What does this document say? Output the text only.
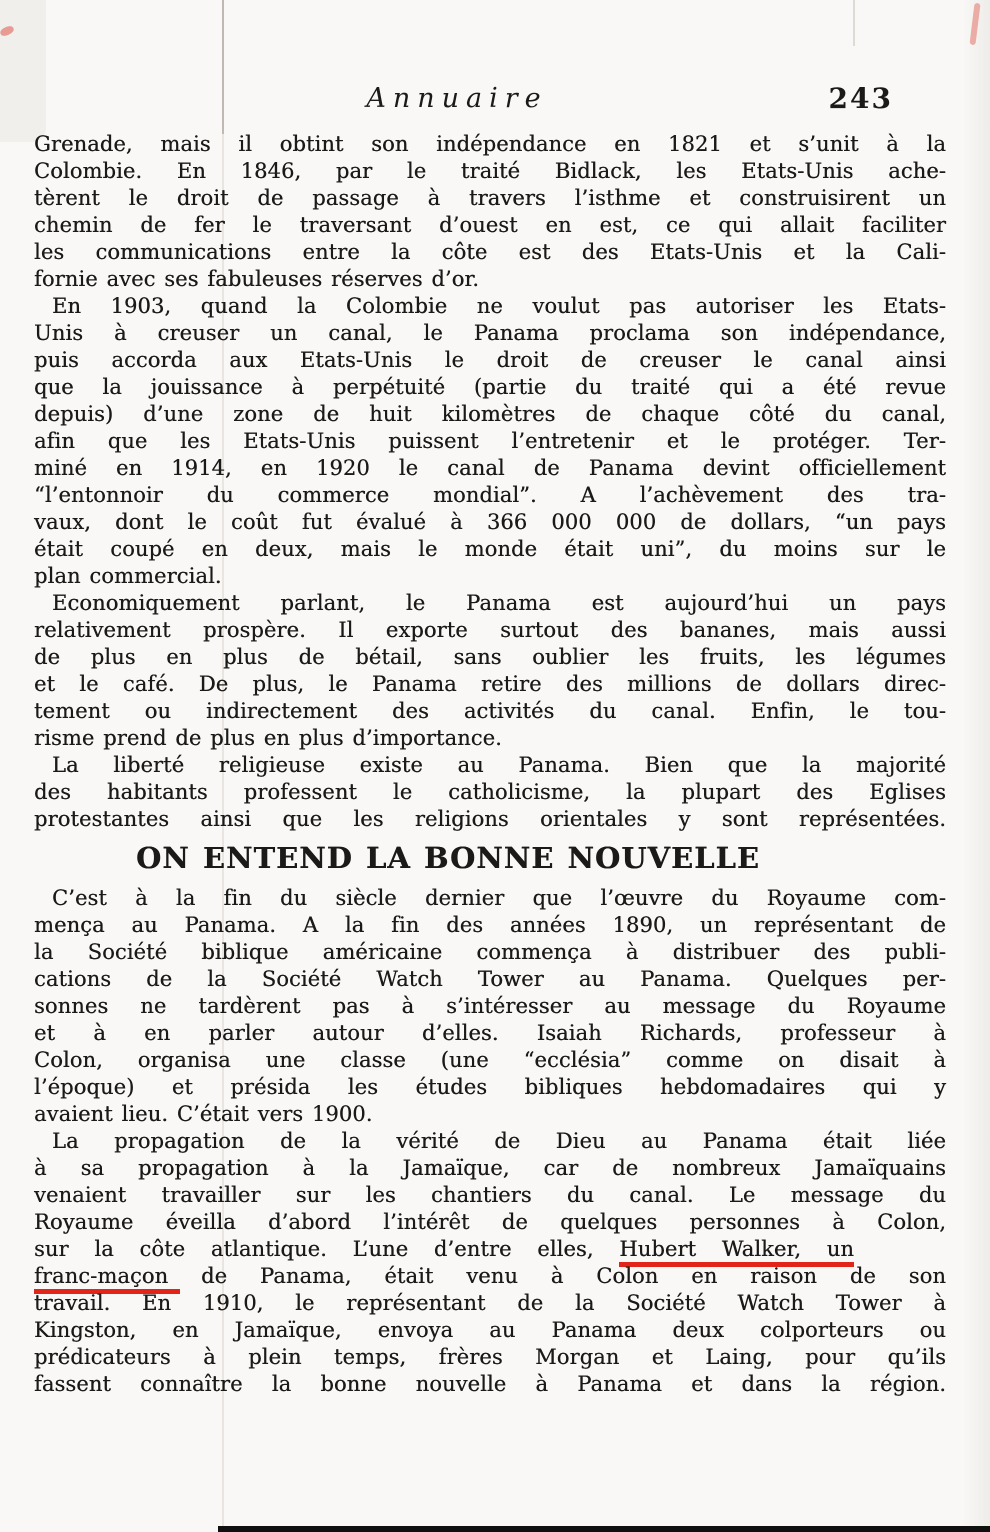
Annuaire	243

Grenade, mais il obtint son indépendance en 1821 et s’unit à la
Colombie. En 1846, par le traité Bidlack, les Etats-Unis ache-
tèrent le droit de passage à travers l’isthme et construisirent un
chemin de fer le traversant d’ouest en est, ce qui allait faciliter
les communications entre la côte est des Etats-Unis et la Cali-
fornie avec ses fabuleuses réserves d’or.

En 1903, quand la Colombie ne voulut pas autoriser les Etats-
Unis à creuser un canal, le Panama proclama son indépendance,
puis accorda aux Etats-Unis le droit de creuser le canal ainsi
que la jouissance à perpétuité (partie du traité qui a été revue
depuis) d’une zone de huit kilomètres de chaque côté du canal,
afin que les Etats-Unis puissent l’entretenir et le protéger. Ter-
miné en 1914, en 1920 le canal de Panama devint officiellement
“l’entonnoir du commerce mondial”. A l’achèvement des tra-
vaux, dont le coût fut évalué à 366 000 000 de dollars, “un pays
était coupé en deux, mais le monde était uni”, du moins sur le
plan commercial.

Economiquement parlant, le Panama est aujourd’hui un pays
relativement prospère. Il exporte surtout des bananes, mais aussi
de plus en plus de bétail, sans oublier les fruits, les légumes
et le café. De plus, le Panama retire des millions de dollars direc-
tement ou indirectement des activités du canal. Enfin, le tou-
risme prend de plus en plus d’importance.

La liberté religieuse existe au Panama. Bien que la majorité
des habitants professent le catholicisme, la plupart des Eglises
protestantes ainsi que les religions orientales y sont représentées.

ON ENTEND LA BONNE NOUVELLE

C’est à la fin du siècle dernier que l’œuvre du Royaume com-
mença au Panama. A la fin des années 1890, un représentant de
la Société biblique américaine commença à distribuer des publi-
cations de la Société Watch Tower au Panama. Quelques per-
sonnes ne tardèrent pas à s’intéresser au message du Royaume
et à en parler autour d’elles. Isaiah Richards, professeur à
Colon, organisa une classe (une “ecclésia” comme on disait à
l’époque) et présida les études bibliques hebdomadaires qui y
avaient lieu. C’était vers 1900.

La propagation de la vérité de Dieu au Panama était liée
à sa propagation à la Jamaïque, car de nombreux Jamaïquains
venaient travailler sur les chantiers du canal. Le message du
Royaume éveilla d’abord l’intérêt de quelques personnes à Colon,
sur la côte atlantique. L’une d’entre elles, Hubert Walker, un
franc-maçon de Panama, était venu à Colon en raison de son
travail. En 1910, le représentant de la Société Watch Tower à
Kingston, en Jamaïque, envoya au Panama deux colporteurs ou
prédicateurs à plein temps, frères Morgan et Laing, pour qu’ils
fassent connaître la bonne nouvelle à Panama et dans la région.
